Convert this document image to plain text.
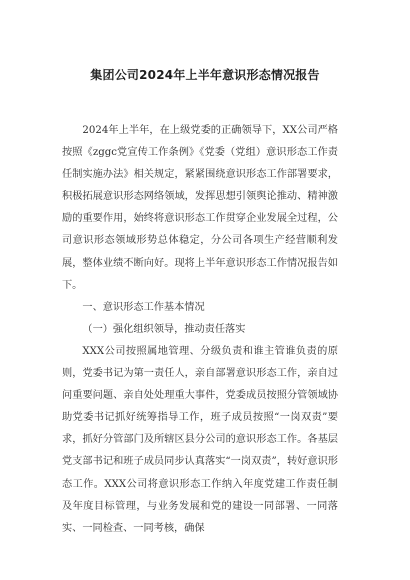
集团公司2024年上半年意识形态情况报告

2024年上半年，在上级党委的正确领导下，XX公司严格按照《zggc党宣传工作条例》《党委（党组）意识形态工作责任制实施办法》相关规定，紧紧围绕意识形态工作部署要求，积极拓展意识形态网络领域，发挥思想引领舆论推动、精神激励的重要作用，始终将意识形态工作贯穿企业发展全过程，公司意识形态领域形势总体稳定，分公司各项生产经营顺利发展，整体业绩不断向好。现将上半年意识形态工作情况报告如下。

一、意识形态工作基本情况

（一）强化组织领导，推动责任落实

XXX公司按照属地管理、分级负责和谁主管谁负责的原则，党委书记为第一责任人，亲自部署意识形态工作，亲自过问重要问题、亲自处处理重大事件，党委成员按照分管领域协助党委书记抓好统筹指导工作，班子成员按照“一岗双责”要求，抓好分管部门及所辖区县分公司的意识形态工作。各基层党支部书记和班子成员同步认真落实“一岗双责”，转好意识形态工作。XXX公司将意识形态工作纳入年度党建工作责任制及年度目标管理，与业务发展和党的建设一同部署、一同落实、一同检查、一同考核，确保
